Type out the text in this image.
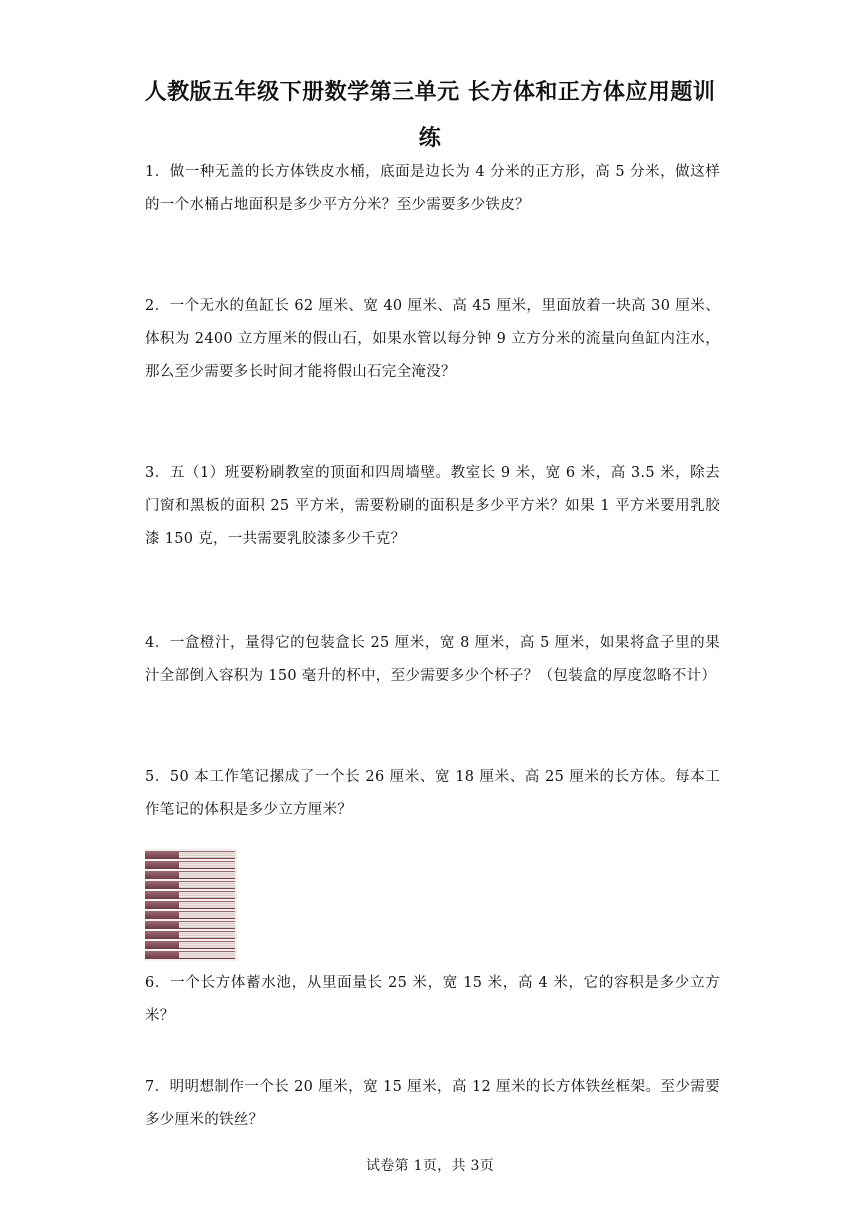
人教版五年级下册数学第三单元 长方体和正方体应用题训练
1．做一种无盖的长方体铁皮水桶，底面是边长为 4 分米的正方形，高 5 分米，做这样的一个水桶占地面积是多少平方分米？至少需要多少铁皮？
2．一个无水的鱼缸长 62 厘米、宽 40 厘米、高 45 厘米，里面放着一块高 30 厘米、体积为 2400 立方厘米的假山石，如果水管以每分钟 9 立方分米的流量向鱼缸内注水，那么至少需要多长时间才能将假山石完全淹没？
3．五（1）班要粉刷教室的顶面和四周墙壁。教室长 9 米，宽 6 米，高 3.5 米，除去门窗和黑板的面积 25 平方米，需要粉刷的面积是多少平方米？如果 1 平方米要用乳胶漆 150 克，一共需要乳胶漆多少千克？
4．一盒橙汁，量得它的包装盒长 25 厘米，宽 8 厘米，高 5 厘米，如果将盒子里的果汁全部倒入容积为 150 毫升的杯中，至少需要多少个杯子？（包装盒的厚度忽略不计）
5．50 本工作笔记摞成了一个长 26 厘米、宽 18 厘米、高 25 厘米的长方体。每本工作笔记的体积是多少立方厘米？
6．一个长方体蓄水池，从里面量长 25 米，宽 15 米，高 4 米，它的容积是多少立方米？
7．明明想制作一个长 20 厘米，宽 15 厘米，高 12 厘米的长方体铁丝框架。至少需要多少厘米的铁丝？
试卷第 1页，共 3页
